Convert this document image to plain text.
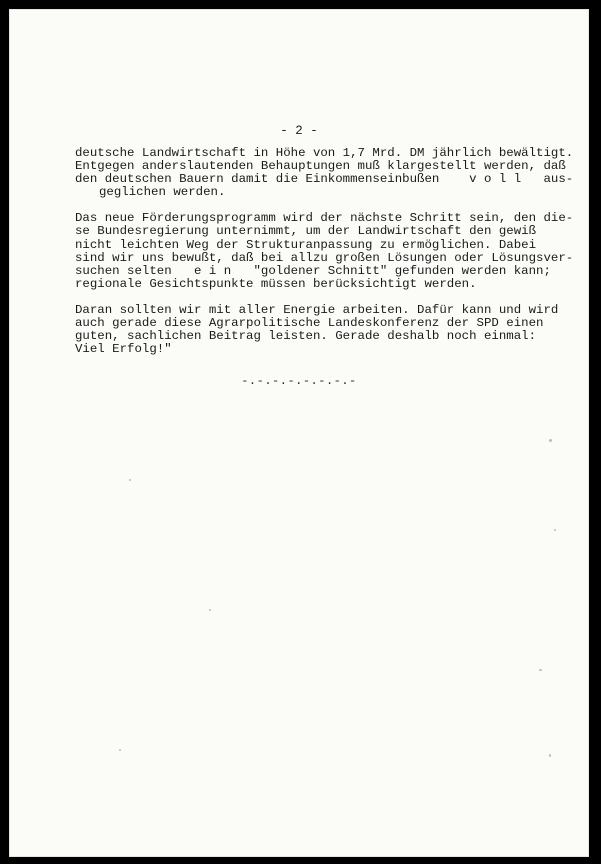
- 2 -
deutsche Landwirtschaft in Höhe von 1,7 Mrd. DM jährlich bewältigt.
Entgegen anderslautenden Behauptungen muß klargestellt werden, daß
den deutschen Bauern damit die Einkommenseinbußen    v o l l   aus-
geglichen werden.
Das neue Förderungsprogramm wird der nächste Schritt sein, den die-
se Bundesregierung unternimmt, um der Landwirtschaft den gewiß
nicht leichten Weg der Strukturanpassung zu ermöglichen. Dabei
sind wir uns bewußt, daß bei allzu großen Lösungen oder Lösungsver-
suchen selten   e i n   "goldener Schnitt" gefunden werden kann;
regionale Gesichtspunkte müssen berücksichtigt werden.
Daran sollten wir mit aller Energie arbeiten. Dafür kann und wird
auch gerade diese Agrarpolitische Landeskonferenz der SPD einen
guten, sachlichen Beitrag leisten. Gerade deshalb noch einmal:
Viel Erfolg!"
-.-.-.-.-.-.-.-
